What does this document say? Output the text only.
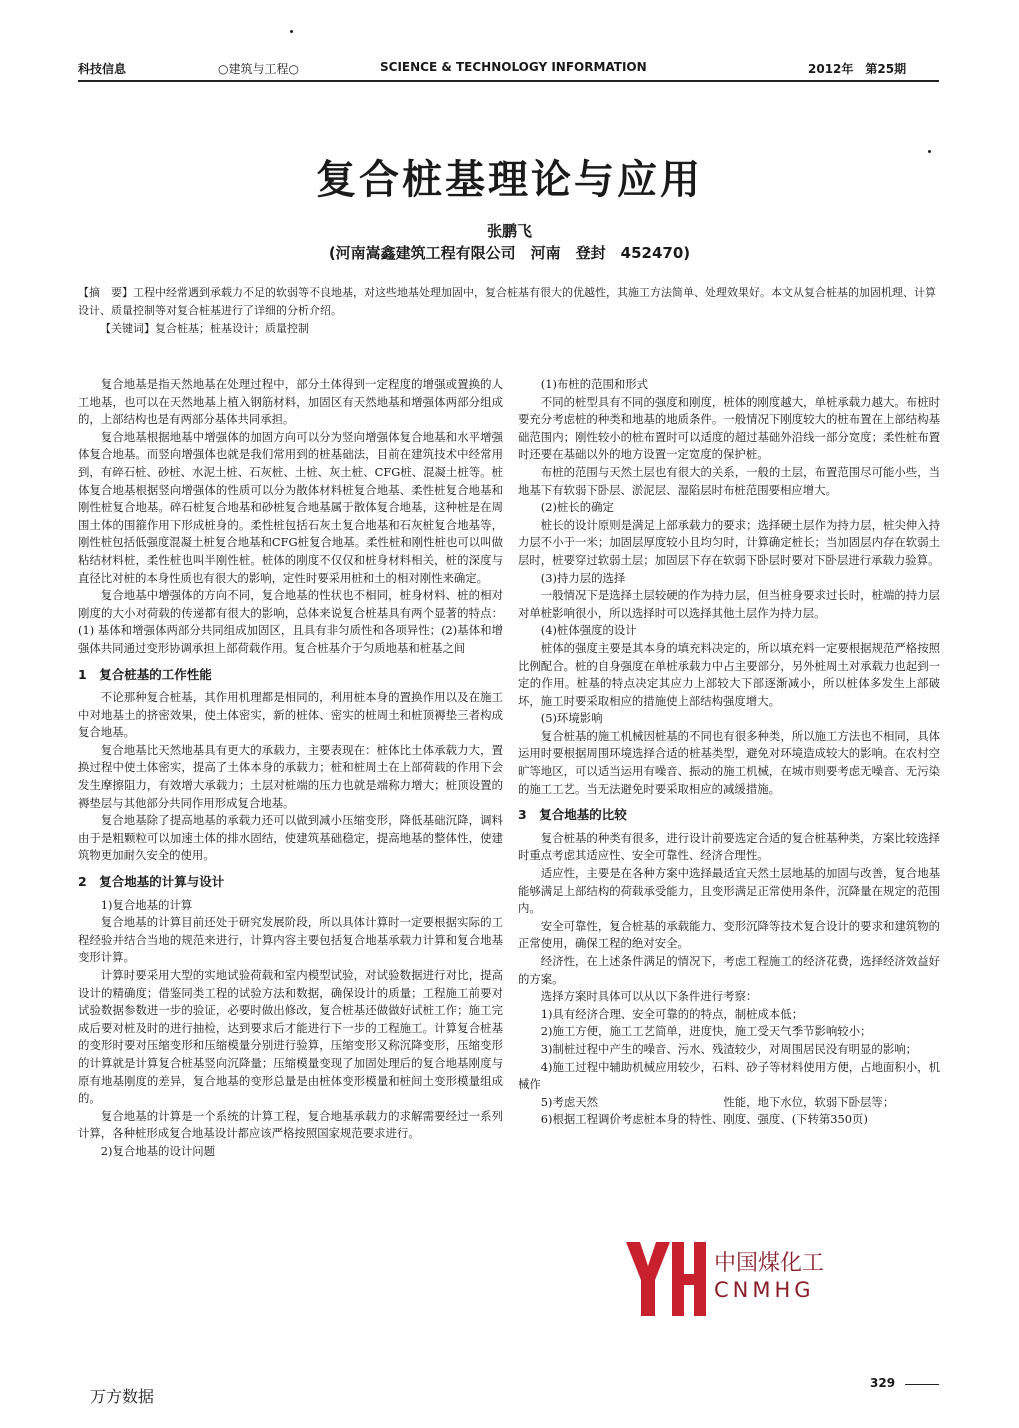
科技信息	○建筑与工程○	SCIENCE & TECHNOLOGY INFORMATION	2012年　第25期
复合桩基理论与应用
张鹏飞
(河南嵩鑫建筑工程有限公司　河南　登封　452470)
【摘　要】工程中经常遇到承载力不足的软弱等不良地基，对这些地基处理加固中，复合桩基有很大的优越性，其施工方法简单、处理效果好。本文从复合桩基的加固机理、计算设计、质量控制等对复合桩基进行了详细的分析介绍。
【关键词】复合桩基；桩基设计；质量控制

复合地基是指天然地基在处理过程中，部分土体得到一定程度的增强或置换的人工地基，也可以在天然地基上植入钢筋材料，加固区有天然地基和增强体两部分组成的，上部结构也是有两部分基体共同承担。

复合地基根据地基中增强体的加固方向可以分为竖向增强体复合地基和水平增强体复合地基。而竖向增强体也就是我们常用到的桩基础法，目前在建筑技术中经常用到，有碎石桩、砂桩、水泥土桩、石灰桩、土桩、灰土桩、CFG桩、混凝土桩等。桩体复合地基根据竖向增强体的性质可以分为散体材料桩复合地基、柔性桩复合地基和刚性桩复合地基。碎石桩复合地基和砂桩复合地基属于散体复合地基，这种桩是在周围土体的围箍作用下形成桩身的。柔性桩包括石灰土复合地基和石灰桩复合地基等，刚性桩包括低强度混凝土桩复合地基和CFG桩复合地基。柔性桩和刚性桩也可以叫做粘结材料桩，柔性桩也叫半刚性桩。桩体的刚度不仅仅和桩身材料相关，桩的深度与直径比对桩的本身性质也有很大的影响，定性时要采用桩和土的相对刚性来确定。

复合地基中增强体的方向不同，复合地基的性状也不相同，桩身材料、桩的相对刚度的大小对荷载的传递都有很大的影响，总体来说复合桩基具有两个显著的特点：(1) 基体和增强体两部分共同组成加固区，且具有非匀质性和各项异性；(2)基体和增强体共同通过变形协调承担上部荷载作用。复合桩基介于匀质地基和桩基之间

1　复合桩基的工作性能

不论那种复合桩基，其作用机理都是相同的，利用桩本身的置换作用以及在施工中对地基土的挤密效果，使土体密实，新的桩体、密实的桩周土和桩顶褥垫三者构成复合地基。

复合地基比天然地基具有更大的承载力，主要表现在：桩体比土体承载力大，置换过程中使土体密实，提高了土体本身的承载力；桩和桩周土在上部荷载的作用下会发生摩擦阻力，有效增大承载力；土层对桩端的压力也就是端称力增大；桩顶设置的褥垫层与其他部分共同作用形成复合地基。

复合地基除了提高地基的承载力还可以做到减小压缩变形，降低基础沉降，调料由于是粗颗粒可以加速土体的排水固结，使建筑基础稳定，提高地基的整体性，使建筑物更加耐久安全的使用。

2　复合地基的计算与设计

1)复合地基的计算

复合地基的计算目前还处于研究发展阶段，所以具体计算时一定要根据实际的工程经验并结合当地的规范来进行，计算内容主要包括复合地基承载力计算和复合地基变形计算。

计算时要采用大型的实地试验荷载和室内模型试验，对试验数据进行对比，提高设计的精确度；借鉴同类工程的试验方法和数据，确保设计的质量；工程施工前要对试验数据参数进一步的验证，必要时做出修改，复合桩基还做做好试桩工作；施工完成后要对桩及时的进行抽检，达到要求后才能进行下一步的工程施工。计算复合桩基的变形时要对压缩变形和压缩模量分别进行验算，压缩变形又称沉降变形，压缩变形的计算就是计算复合桩基竖向沉降量；压缩模量变现了加固处理后的复合地基刚度与原有地基刚度的差异，复合地基的变形总量是由桩体变形模量和桩间土变形模量组成的。

复合地基的计算是一个系统的计算工程，复合地基承载力的求解需要经过一系列计算，各种桩形成复合地基设计都应该严格按照国家规范要求进行。

2)复合地基的设计问题

(1)布桩的范围和形式

不同的桩型具有不同的强度和刚度，桩体的刚度越大，单桩承载力越大。布桩时要充分考虑桩的种类和地基的地质条件。一般情况下刚度较大的桩布置在上部结构基础范围内；刚性较小的桩布置时可以适度的超过基础外沿线一部分宽度；柔性桩布置时还要在基础以外的地方设置一定宽度的保护桩。

布桩的范围与天然土层也有很大的关系，一般的土层，布置范围尽可能小些，当地基下有软弱下卧层、淤泥层、湿陷层时布桩范围要相应增大。

(2)桩长的确定

桩长的设计原则是满足上部承载力的要求；选择硬土层作为持力层，桩尖伸入持力层不小于一米；加固层厚度较小且均匀时，计算确定桩长；当加固层内存在软弱土层时，桩要穿过软弱土层；加固层下存在软弱下卧层时要对下卧层进行承载力验算。

(3)持力层的选择

一般情况下是选择土层较硬的作为持力层，但当桩身要求过长时，桩端的持力层对单桩影响很小，所以选择时可以选择其他土层作为持力层。

(4)桩体强度的设计

桩体的强度主要是其本身的填充料决定的，所以填充料一定要根据规范严格按照比例配合。桩的自身强度在单桩承载力中占主要部分，另外桩周土对承载力也起到一定的作用。桩基的特点决定其应力上部较大下部逐渐减小，所以桩体多发生上部破坏，施工时要采取相应的措施使上部结构强度增大。

(5)环境影响

复合桩基的施工机械因桩基的不同也有很多种类，所以施工方法也不相同，具体运用时要根据周围环境选择合适的桩基类型，避免对环境造成较大的影响。在农村空旷等地区，可以适当运用有噪音、振动的施工机械，在城市则要考虑无噪音、无污染的施工工艺。当无法避免时要采取相应的减缓措施。

3　复合地基的比较

复合桩基的种类有很多，进行设计前要选定合适的复合桩基种类，方案比较选择时重点考虑其适应性、安全可靠性、经济合理性。

适应性，主要是在各种方案中选择最适宜天然土层地基的加固与改善，复合地基能够满足上部结构的荷载承受能力，且变形满足正常使用条件，沉降量在规定的范围内。

安全可靠性，复合桩基的承载能力、变形沉降等技术复合设计的要求和建筑物的正常使用，确保工程的绝对安全。

经济性，在上述条件满足的情况下，考虑工程施工的经济花费，选择经济效益好的方案。

选择方案时具体可以从以下条件进行考察：

1)具有经济合理、安全可靠的的特点，制桩成本低；

2)施工方便，施工工艺简单，进度快，施工受天气季节影响较小；

3)制桩过程中产生的噪音、污水、残渣较少，对周围居民没有明显的影响；

4)施工过程中辅助机械应用较少，石料、砂子等材料使用方便，占地面积小，机械作

5)考虑天然　　　　　　　　　　　性能，地下水位，软弱下卧层等；

6)根据工程调价考虑桩本身的特性、刚度、强度、(下转第350页)

中国煤化工
CNMHG
329
万方数据
